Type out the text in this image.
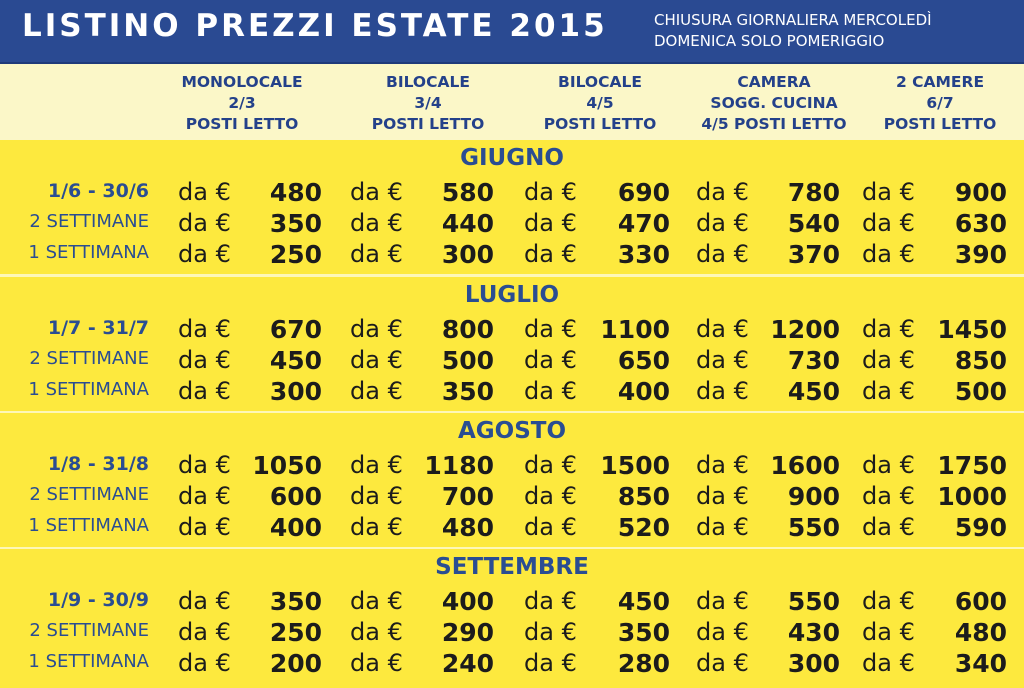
LISTINO PREZZI ESTATE 2015	CHIUSURA GIORNALIERA MERCOLEDÌ
DOMENICA SOLO POMERIGGIO
MONOLOCALE
2/3
POSTI LETTO
BILOCALE
3/4
POSTI LETTO
BILOCALE
4/5
POSTI LETTO
CAMERA
SOGG. CUCINA
4/5 POSTI LETTO
2 CAMERE
6/7
POSTI LETTO
GIUGNO
1/6 - 30/6 da € 480 da € 580 da € 690 da € 780 da € 900
2 SETTIMANE da € 350 da € 440 da € 470 da € 540 da € 630
1 SETTIMANA da € 250 da € 300 da € 330 da € 370 da € 390
LUGLIO
1/7 - 31/7 da € 670 da € 800 da € 1100 da € 1200 da € 1450
2 SETTIMANE da € 450 da € 500 da € 650 da € 730 da € 850
1 SETTIMANA da € 300 da € 350 da € 400 da € 450 da € 500
AGOSTO
1/8 - 31/8 da € 1050 da € 1180 da € 1500 da € 1600 da € 1750
2 SETTIMANE da € 600 da € 700 da € 850 da € 900 da € 1000
1 SETTIMANA da € 400 da € 480 da € 520 da € 550 da € 590
SETTEMBRE
1/9 - 30/9 da € 350 da € 400 da € 450 da € 550 da € 600
2 SETTIMANE da € 250 da € 290 da € 350 da € 430 da € 480
1 SETTIMANA da € 200 da € 240 da € 280 da € 300 da € 340
